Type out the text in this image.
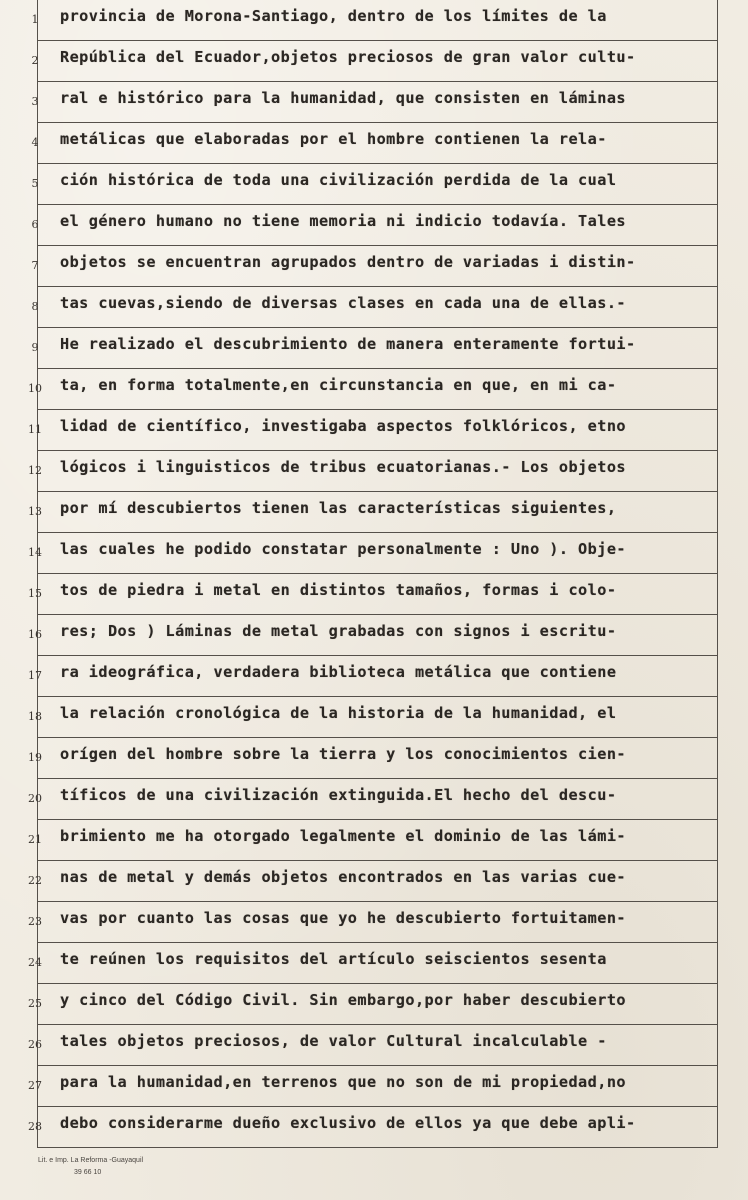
1	provincia de Morona-Santiago, dentro de los límites de la
2	República del Ecuador,objetos preciosos de gran valor cultu-
3	ral e histórico para la humanidad, que consisten en láminas
4	metálicas que elaboradas por el hombre contienen la rela-
5	ción histórica de toda una civilización perdida de la cual
6	el género humano no tiene memoria ni indicio todavía. Tales
7	objetos se encuentran agrupados dentro de variadas i distin-
8	tas cuevas,siendo de diversas clases en cada una de ellas.-
9	He realizado el descubrimiento de manera enteramente fortui-
10	ta, en forma totalmente,en circunstancia en que, en mi ca-
11	lidad de científico, investigaba aspectos folklóricos, etno
12	lógicos i linguisticos de tribus ecuatorianas.- Los objetos
13	por mí descubiertos tienen las características siguientes,
14	las cuales he podido constatar personalmente : Uno ). Obje-
15	tos de piedra i metal en distintos tamaños, formas i colo-
16	res; Dos ) Láminas de metal grabadas con signos i escritu-
17	ra ideográfica, verdadera biblioteca metálica que contiene
18	la relación cronológica de la historia de la humanidad, el
19	orígen del hombre sobre la tierra y los conocimientos cien-
20	tíficos de una civilización extinguida.El hecho del descu-
21	brimiento me ha otorgado legalmente el dominio de las lámi-
22	nas de metal y demás objetos encontrados en las varias cue-
23	vas por cuanto las cosas que yo he descubierto fortuitamen-
24	te reúnen los requisitos del artículo seiscientos sesenta
25	y cinco del Código Civil. Sin embargo,por haber descubierto
26	tales objetos preciosos, de valor Cultural incalculable -
27	para la humanidad,en terrenos que no son de mi propiedad,no
28	debo considerarme dueño exclusivo de ellos ya que debe apli-
Lit. e Imp. La Reforma -Guayaquil
39 66 10
